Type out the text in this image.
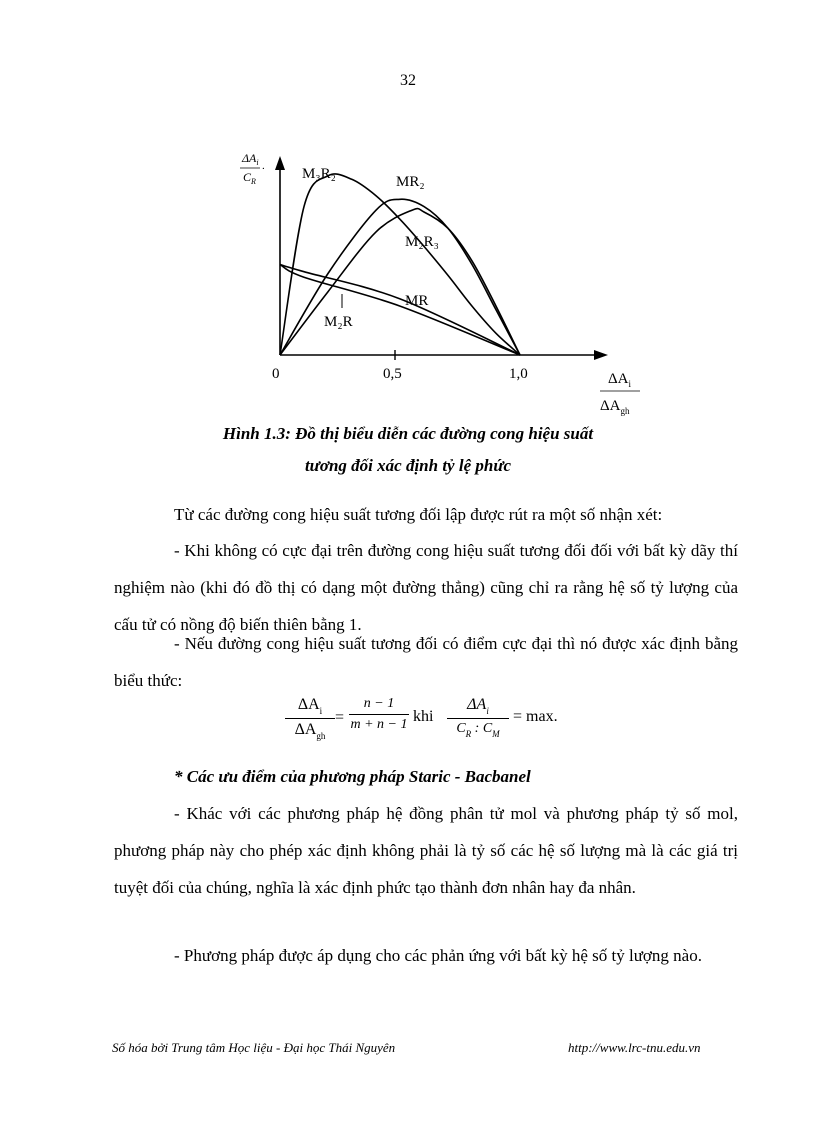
32
$\Delta A_i$
$C_R$
. M₃R₂	MR₂
M₂R₃
MR
M₂R
0	0,5	1,0	$\Delta A_i$
$\Delta A_{gh}$
Hình 1.3: Đồ thị biểu diễn các đường cong hiệu suất
tương đối xác định tỷ lệ phức

Từ các đường cong hiệu suất tương đối lập được rút ra một số nhận xét:

- Khi không có cực đại trên đường cong hiệu suất tương đối đối với bất kỳ dãy thí nghiệm nào (khi đó đồ thị có dạng một đường thẳng) cũng chỉ ra rằng hệ số tỷ lượng của cấu tử có nồng độ biến thiên bằng 1.

- Nếu đường cong hiệu suất tương đối có điểm cực đại thì nó được xác định bằng biểu thức:

$\Delta A_i$
$\Delta A_{gh}$
=
n − 1
m + n − 1 khi
$\Delta A_i$
$C_R$ : $C_M$
= max.
* Các ưu điểm của phương pháp Staric - Bacbanel

- Khác với các phương pháp hệ đồng phân tử mol và phương pháp tỷ số mol, phương pháp này cho phép xác định không phải là tỷ số các hệ số lượng mà là các giá trị tuyệt đối của chúng, nghĩa là xác định phức tạo thành đơn nhân hay đa nhân.

- Phương pháp được áp dụng cho các phản ứng với bất kỳ hệ số tỷ lượng nào.

Số hóa bởi Trung tâm Học liệu - Đại học Thái Nguyên	http://www.lrc-tnu.edu.vn
